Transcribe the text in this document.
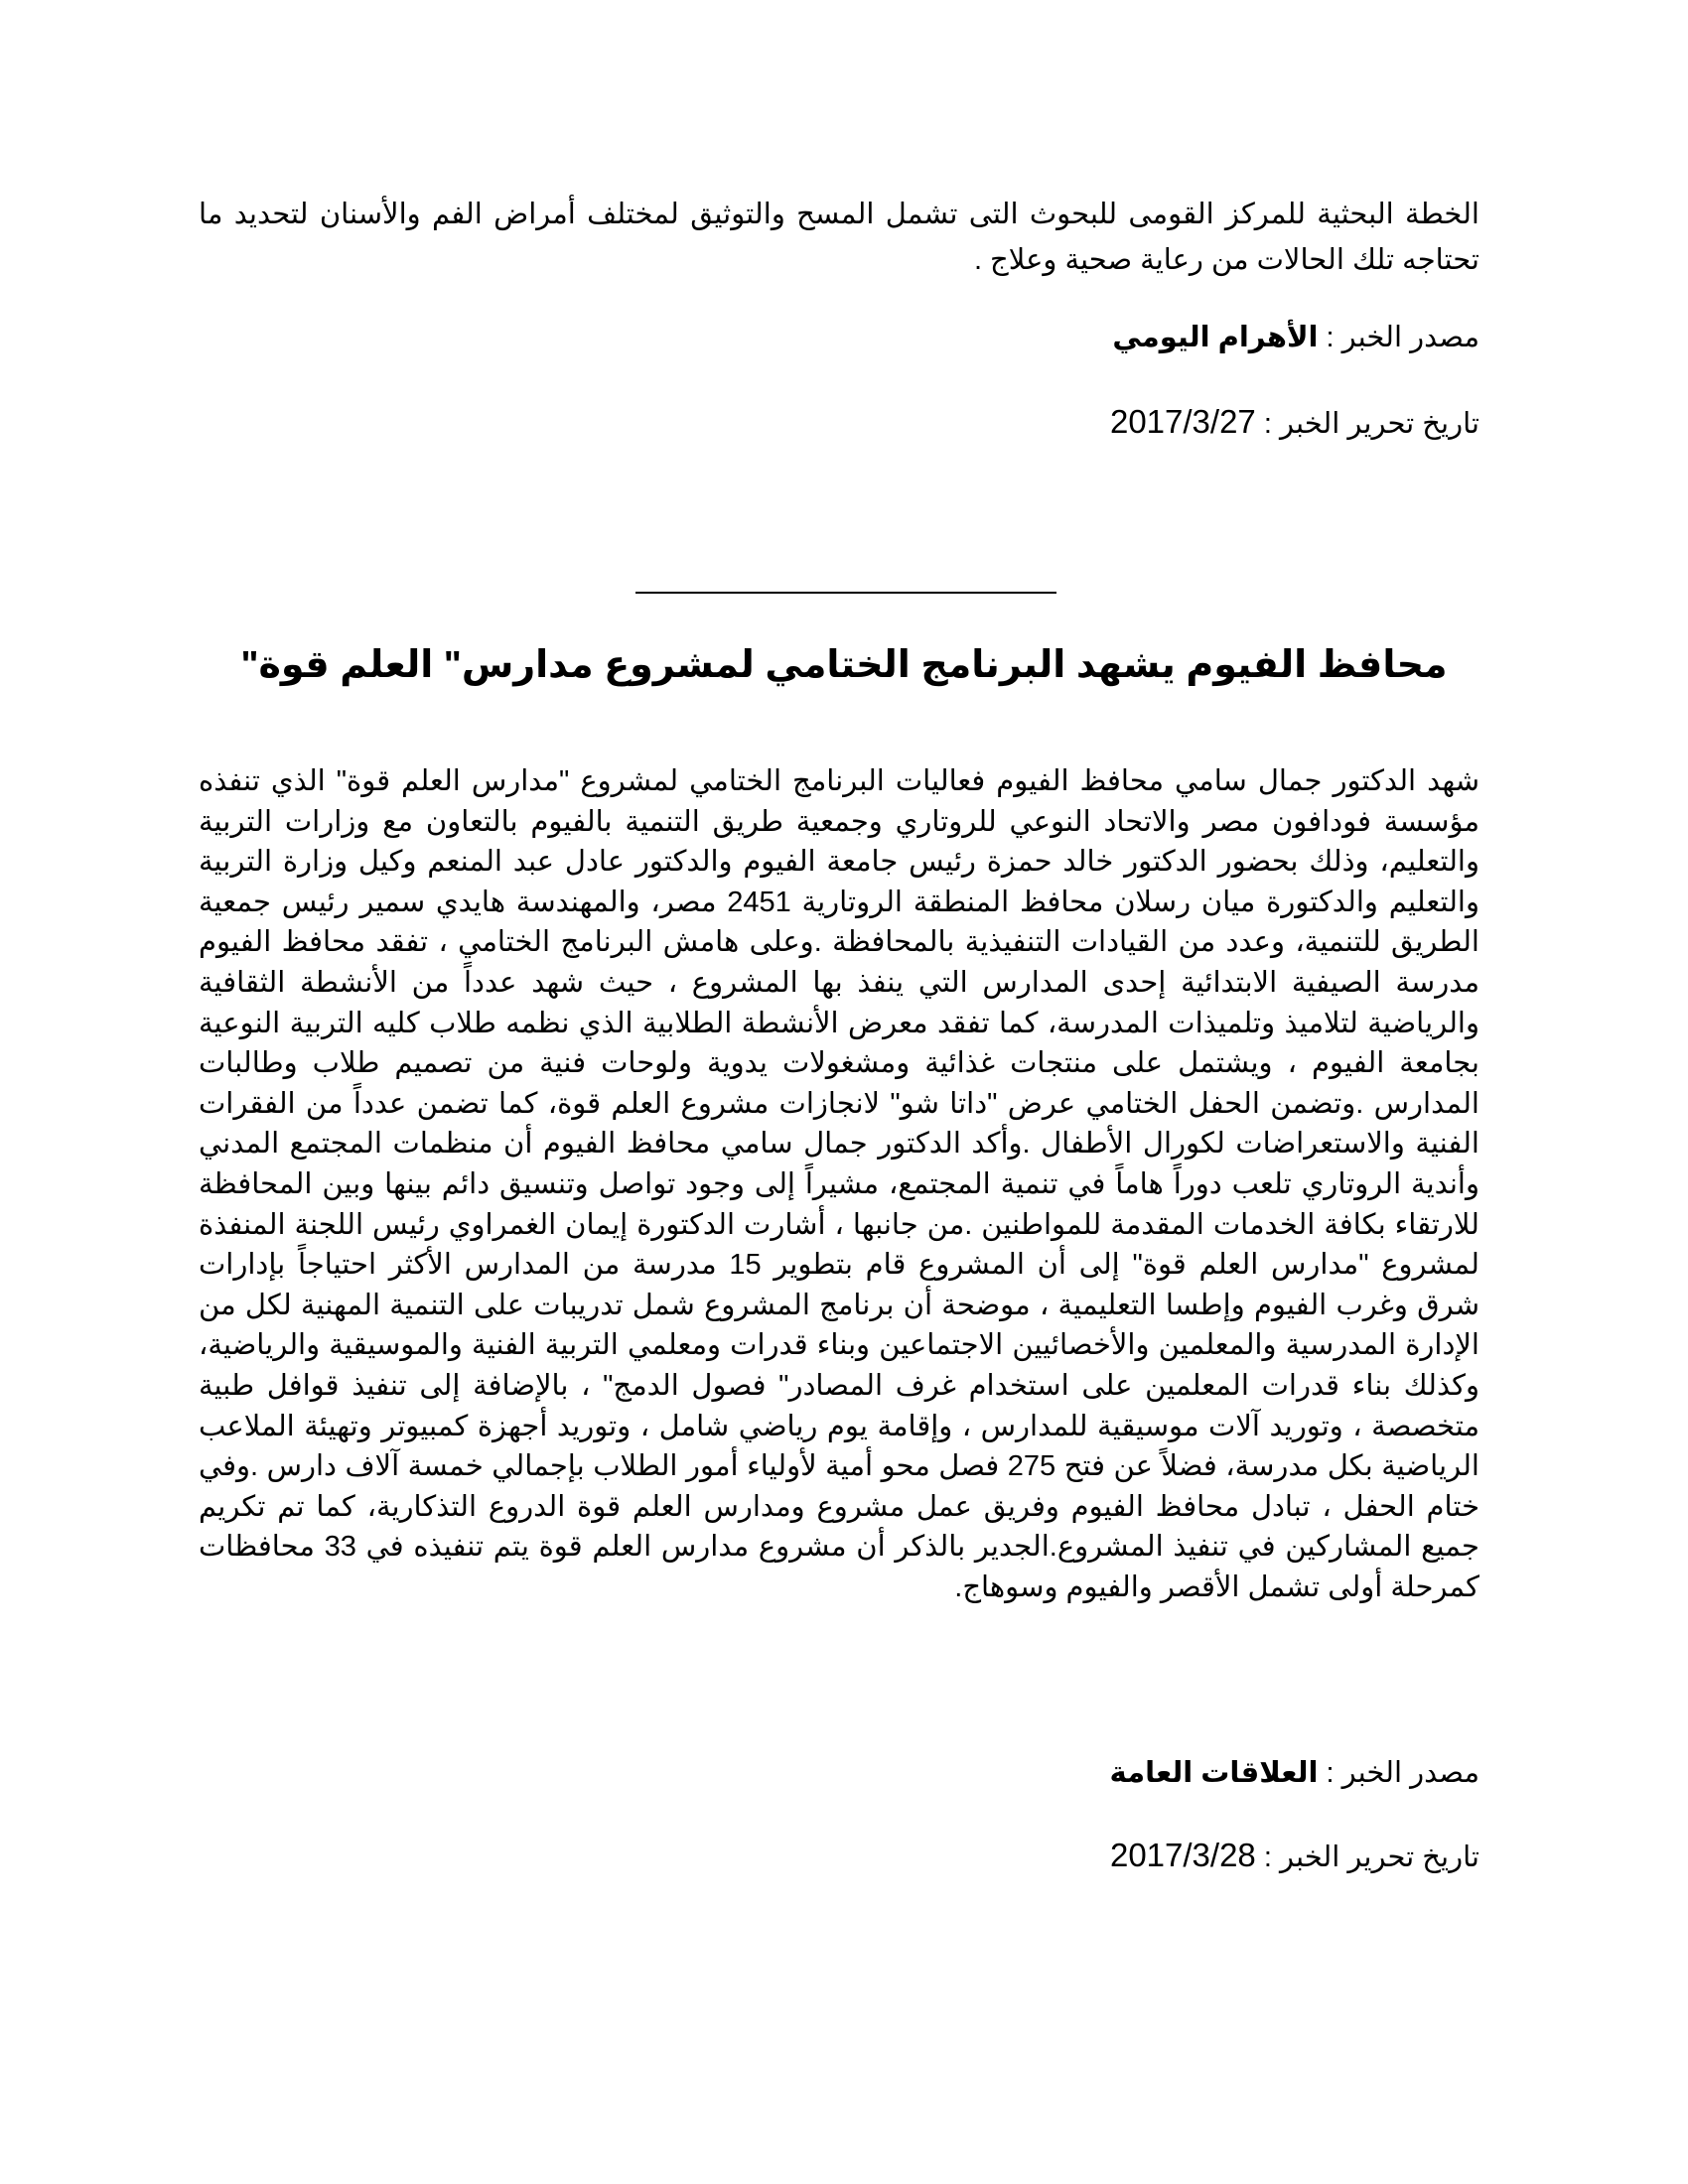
الخطة البحثية للمركز القومى للبحوث التى تشمل المسح والتوثيق لمختلف أمراض الفم والأسنان لتحديد ما تحتاجه تلك الحالات من رعاية صحية وعلاج .

مصدر الخبر : الأهرام اليومي

تاريخ تحرير الخبر : 2017/3/27

محافظ الفيوم يشهد البرنامج الختامي لمشروع مدارس" العلم قوة"

شهد الدكتور جمال سامي محافظ الفيوم فعاليات البرنامج الختامي لمشروع "مدارس العلم قوة" الذي تنفذه مؤسسة فودافون مصر والاتحاد النوعي للروتاري وجمعية طريق التنمية بالفيوم بالتعاون مع وزارات التربية والتعليم، وذلك بحضور الدكتور خالد حمزة رئيس جامعة الفيوم والدكتور عادل عبد المنعم وكيل وزارة التربية والتعليم والدكتورة ميان رسلان محافظ المنطقة الروتارية 2451 مصر، والمهندسة هايدي سمير رئيس جمعية الطريق للتنمية، وعدد من القيادات التنفيذية بالمحافظة .وعلى هامش البرنامج الختامي ، تفقد محافظ الفيوم مدرسة الصيفية الابتدائية إحدى المدارس التي ينفذ بها المشروع ، حيث شهد عدداً من الأنشطة الثقافية والرياضية لتلاميذ وتلميذات المدرسة، كما تفقد معرض الأنشطة الطلابية الذي نظمه طلاب كليه التربية النوعية بجامعة الفيوم ، ويشتمل على منتجات غذائية ومشغولات يدوية ولوحات فنية من تصميم طلاب وطالبات المدارس .وتضمن الحفل الختامي عرض "داتا شو" لانجازات مشروع العلم قوة، كما تضمن عدداً من الفقرات الفنية والاستعراضات لكورال الأطفال .وأكد الدكتور جمال سامي محافظ الفيوم أن منظمات المجتمع المدني وأندية الروتاري تلعب دوراً هاماً في تنمية المجتمع، مشيراً إلى وجود تواصل وتنسيق دائم بينها وبين المحافظة للارتقاء بكافة الخدمات المقدمة للمواطنين .من جانبها ، أشارت الدكتورة إيمان الغمراوي رئيس اللجنة المنفذة لمشروع "مدارس العلم قوة" إلى أن المشروع قام بتطوير 15 مدرسة من المدارس الأكثر احتياجاً بإدارات شرق وغرب الفيوم وإطسا التعليمية ، موضحة أن برنامج المشروع شمل تدريبات على التنمية المهنية لكل من الإدارة المدرسية والمعلمين والأخصائيين الاجتماعين وبناء قدرات ومعلمي التربية الفنية والموسيقية والرياضية، وكذلك بناء قدرات المعلمين على استخدام غرف المصادر" فصول الدمج" ، بالإضافة إلى تنفيذ قوافل طبية متخصصة ، وتوريد آلات موسيقية للمدارس ، وإقامة يوم رياضي شامل ، وتوريد أجهزة كمبيوتر وتهيئة الملاعب الرياضية بكل مدرسة، فضلاً عن فتح 275 فصل محو أمية لأولياء أمور الطلاب بإجمالي خمسة آلاف دارس .وفي ختام الحفل ، تبادل محافظ الفيوم وفريق عمل مشروع ومدارس العلم قوة الدروع التذكارية، كما تم تكريم جميع المشاركين في تنفيذ المشروع.الجدير بالذكر أن مشروع مدارس العلم قوة يتم تنفيذه في 33 محافظات كمرحلة أولى تشمل الأقصر والفيوم وسوهاج.

مصدر الخبر : العلاقات العامة

تاريخ تحرير الخبر : 2017/3/28
